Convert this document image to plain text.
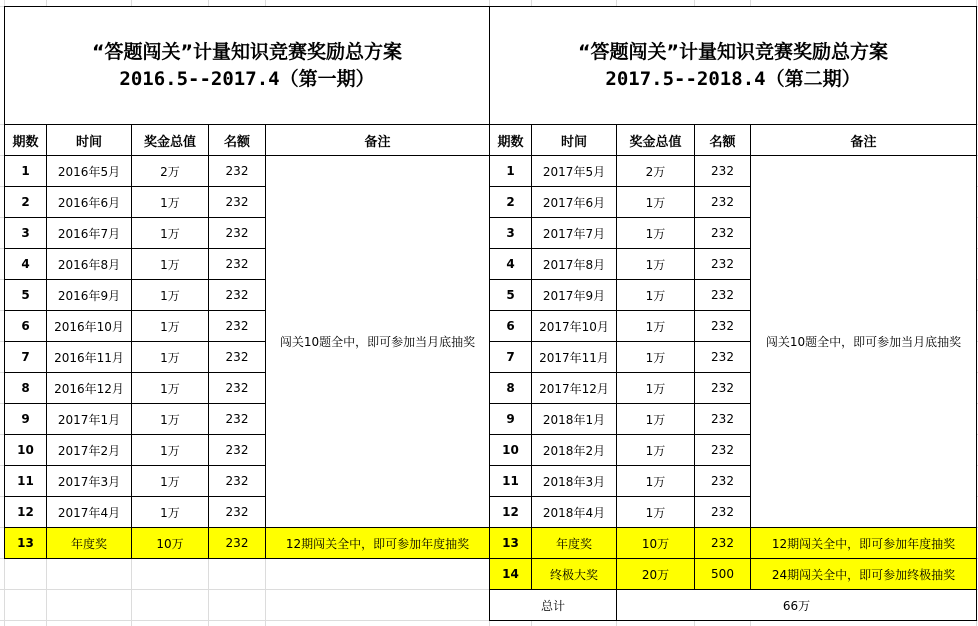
“答题闯关”计量知识竞赛奖励总方案
2016.5--2017.4（第一期）
期数	时间	奖金总值	名额	备注
1	2016年5月	2万	232
2	2016年6月	1万	232
3	2016年7月	1万	232
4	2016年8月	1万	232
5	2016年9月	1万	232
6	2016年10月	1万	232
7	2016年11月	1万	232
8	2016年12月	1万	232
9	2017年1月	1万	232
10	2017年2月	1万	232
11	2017年3月	1万	232
12	2017年4月	1万	232
闯关10题全中，即可参加当月底抽奖
13	年度奖	10万	232	12期闯关全中，即可参加年度抽奖
“答题闯关”计量知识竞赛奖励总方案
2017.5--2018.4（第二期）
期数	时间	奖金总值	名额	备注
1	2017年5月	2万	232
2	2017年6月	1万	232
3	2017年7月	1万	232
4	2017年8月	1万	232
5	2017年9月	1万	232
6	2017年10月	1万	232
7	2017年11月	1万	232
8	2017年12月	1万	232
9	2018年1月	1万	232
10	2018年2月	1万	232
11	2018年3月	1万	232
12	2018年4月	1万	232
闯关10题全中，即可参加当月底抽奖
13	年度奖	10万	232	12期闯关全中，即可参加年度抽奖
14	终极大奖	20万	500	24期闯关全中，即可参加终极抽奖
总计	66万
